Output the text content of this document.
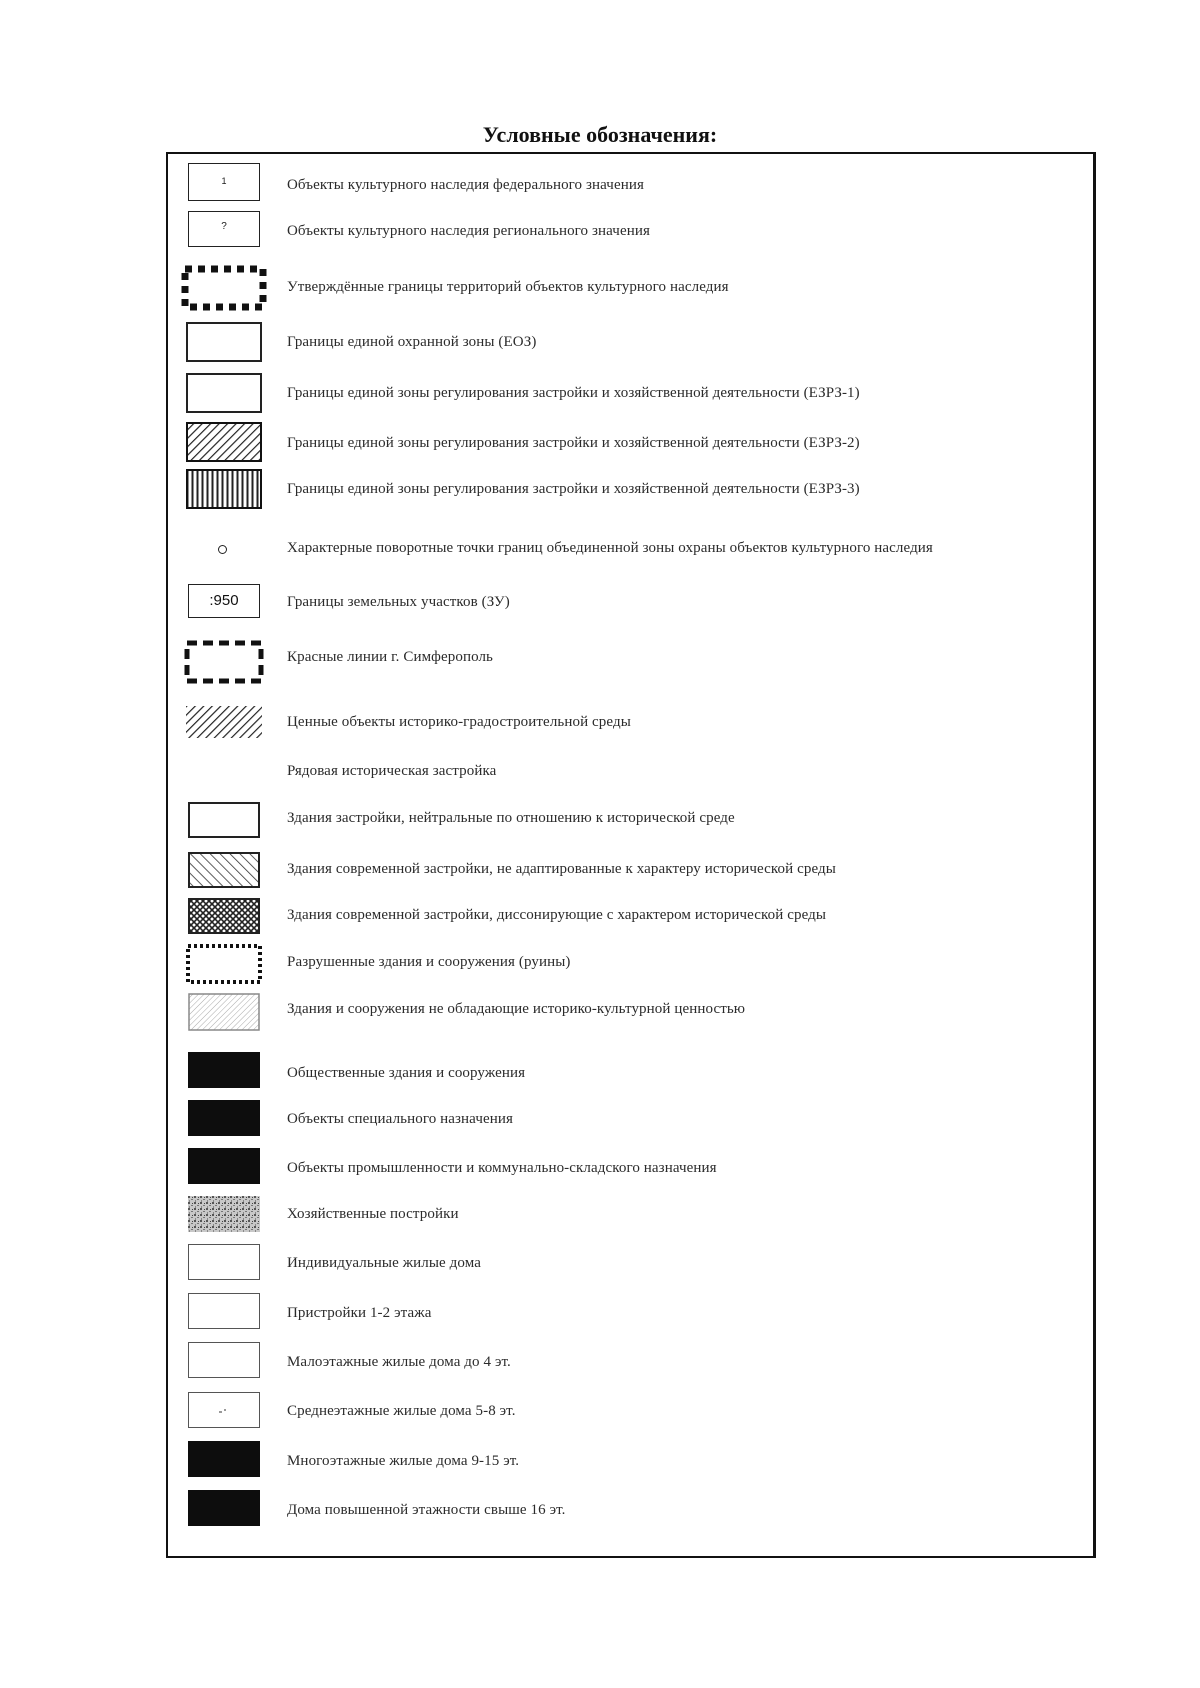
Условные обозначения:
1	Объекты культурного наследия федерального значения
?	Объекты культурного наследия регионального значения
Утверждённые границы территорий объектов культурного наследия
Границы единой охранной зоны (ЕОЗ)
Границы единой зоны регулирования застройки и хозяйственной деятельности (ЕЗРЗ-1)
Границы единой зоны регулирования застройки и хозяйственной деятельности (ЕЗРЗ-2)
Границы единой зоны регулирования застройки и хозяйственной деятельности (ЕЗРЗ-3)
Характерные поворотные точки границ объединенной зоны охраны объектов культурного наследия
:950	Границы земельных участков (ЗУ)
Красные линии г. Симферополь
Ценные объекты историко-градостроительной среды
Рядовая историческая застройка
Здания застройки, нейтральные по отношению к исторической среде
Здания современной застройки, не адаптированные к характеру исторической среды
Здания современной застройки, диссонирующие с характером исторической среды
Разрушенные здания и сооружения (руины)
Здания и сооружения не обладающие историко-культурной ценностью
Общественные здания и сооружения
Объекты специального назначения
Объекты промышленности и коммунально-складского назначения
Хозяйственные постройки
Индивидуальные жилые дома
Пристройки 1-2 этажа
Малоэтажные жилые дома до 4 эт.
Среднеэтажные жилые дома 5-8 эт.
Многоэтажные жилые дома 9-15 эт.
Дома повышенной этажности свыше 16 эт.
